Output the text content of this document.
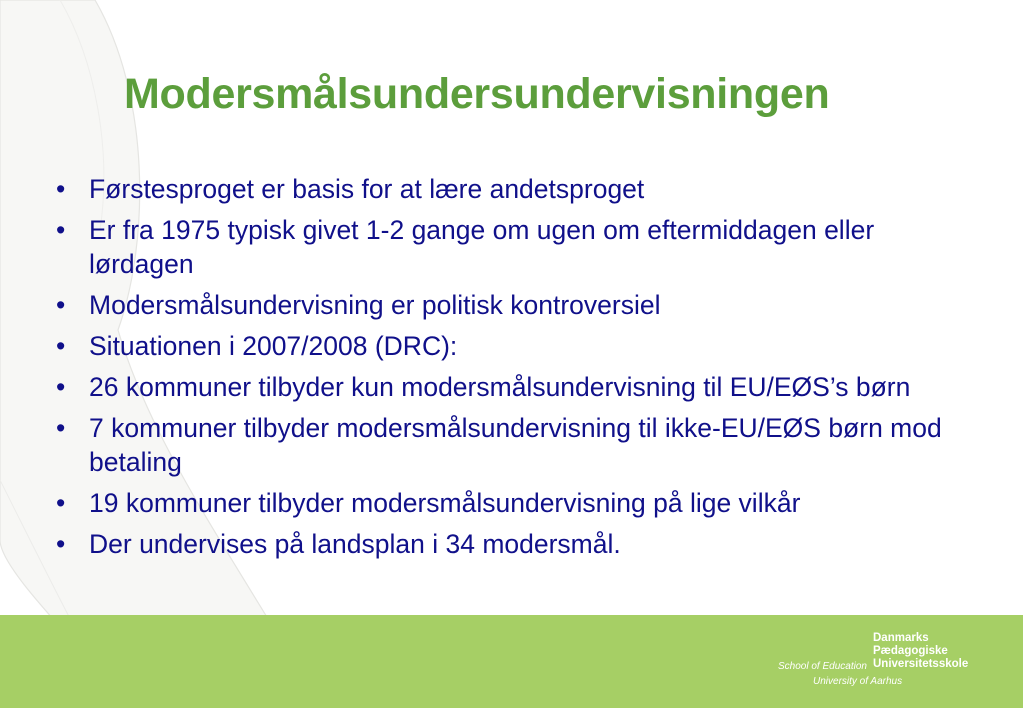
Modersmålsundersundervisningen
• Førstesproget er basis for at lære andetsproget
• Er fra 1975 typisk givet 1-2 gange om ugen om eftermiddagen eller lørdagen
• Modersmålsundervisning er politisk kontroversiel
• Situationen i 2007/2008 (DRC):
• 26 kommuner tilbyder kun modersmålsundervisning til EU/EØS’s børn
• 7 kommuner tilbyder modersmålsundervisning til ikke-EU/EØS børn mod betaling
• 19 kommuner tilbyder modersmålsundervisning på lige vilkår
• Der undervises på landsplan i 34 modersmål.

Danmarks
Pædagogiske
Universitetsskole

School of Education
University of Aarhus
